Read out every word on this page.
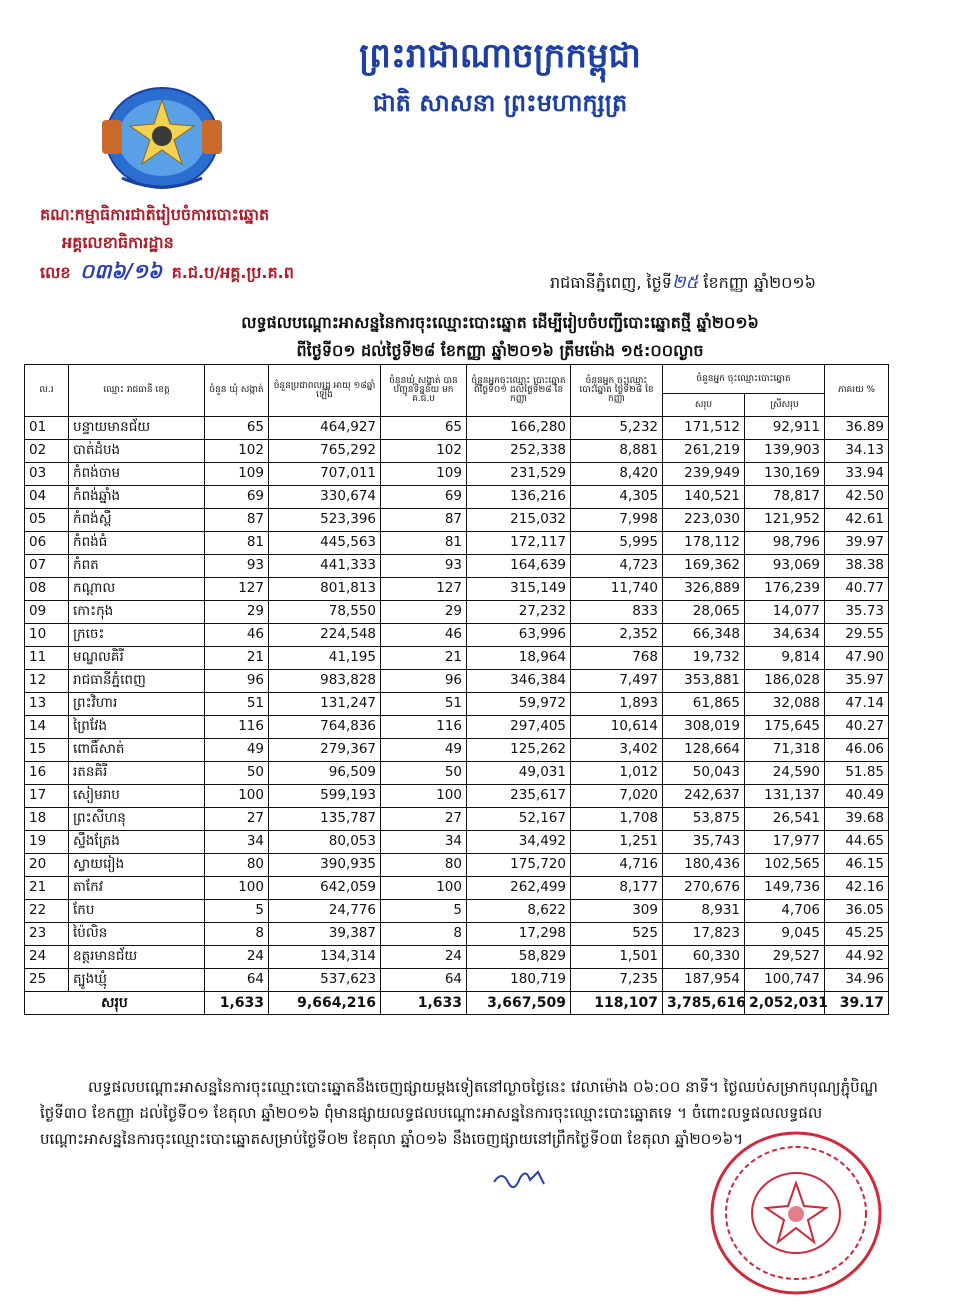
ព្រះរាជាណាចក្រកម្ពុជា
ជាតិ សាសនា ព្រះមហាក្សត្រ
គណៈកម្មាធិការជាតិរៀបចំការបោះឆ្នោត
អគ្គលេខាធិការដ្ឋាន
លេខ ០៣៦/១៦ គ.ជ.ប/អគ្គ.ប្រ.គ.ព
រាជធានីភ្នំពេញ, ថ្ងៃទី២៥ ខែកញ្ញា ឆ្នាំ២០១៦
លទ្ធផលបណ្ដោះអាសន្ននៃការចុះឈ្មោះបោះឆ្នោត ដើម្បីរៀបចំបញ្ជីបោះឆ្នោតថ្មី ឆ្នាំ២០១៦
ពីថ្ងៃទី០១ ដល់ថ្ងៃទី២៨ ខែកញ្ញា ឆ្នាំ២០១៦ ត្រឹមម៉ោង ១៥:០០ល្ងាច
ល.រ	ឈ្មោះ រាជធានី ខេត្ត	ចំនួន ឃុំ សង្កាត់	ចំនួនប្រជាពលរដ្ឋ អាយុ ១៨ឆ្នាំឡើង	ចំនួនឃុំ សង្កាត់ បានបញ្ជូនទិន្នន័យ មក គ.ជ.ប	ចំនួនអ្នកចុះឈ្មោះ បោះឆ្នោត ពីថ្ងៃទី០១ ដល់ថ្ងៃទី២៨ ខែកញ្ញា	ចំនួនអ្នក ចុះឈ្មោះបោះឆ្នោត ថ្ងៃទី២៨ ខែកញ្ញា	ចំនួនអ្នក ចុះឈ្មោះបោះឆ្នោត		ភាគរយ %
							សរុប	ស្រីសរុប	
01	បន្ទាយមានជ័យ	65	464,927	65	166,280	5,232	171,512	92,911	36.89
02	បាត់ដំបង	102	765,292	102	252,338	8,881	261,219	139,903	34.13
03	កំពង់ចាម	109	707,011	109	231,529	8,420	239,949	130,169	33.94
04	កំពង់ឆ្នាំង	69	330,674	69	136,216	4,305	140,521	78,817	42.50
05	កំពង់ស្ពឺ	87	523,396	87	215,032	7,998	223,030	121,952	42.61
06	កំពង់ធំ	81	445,563	81	172,117	5,995	178,112	98,796	39.97
07	កំពត	93	441,333	93	164,639	4,723	169,362	93,069	38.38
08	កណ្ដាល	127	801,813	127	315,149	11,740	326,889	176,239	40.77
09	កោះកុង	29	78,550	29	27,232	833	28,065	14,077	35.73
10	ក្រចេះ	46	224,548	46	63,996	2,352	66,348	34,634	29.55
11	មណ្ឌលគិរី	21	41,195	21	18,964	768	19,732	9,814	47.90
12	រាជធានីភ្នំពេញ	96	983,828	96	346,384	7,497	353,881	186,028	35.97
13	ព្រះវិហារ	51	131,247	51	59,972	1,893	61,865	32,088	47.14
14	ព្រៃវែង	116	764,836	116	297,405	10,614	308,019	175,645	40.27
15	ពោធិ៍សាត់	49	279,367	49	125,262	3,402	128,664	71,318	46.06
16	រតនគិរី	50	96,509	50	49,031	1,012	50,043	24,590	51.85
17	សៀមរាប	100	599,193	100	235,617	7,020	242,637	131,137	40.49
18	ព្រះសីហនុ	27	135,787	27	52,167	1,708	53,875	26,541	39.68
19	ស្ទឹងត្រែង	34	80,053	34	34,492	1,251	35,743	17,977	44.65
20	ស្វាយរៀង	80	390,935	80	175,720	4,716	180,436	102,565	46.15
21	តាកែវ	100	642,059	100	262,499	8,177	270,676	149,736	42.16
22	កែប	5	24,776	5	8,622	309	8,931	4,706	36.05
23	ប៉ៃលិន	8	39,387	8	17,298	525	17,823	9,045	45.25
24	ឧត្ដរមានជ័យ	24	134,314	24	58,829	1,501	60,330	29,527	44.92
25	ត្បូងឃ្មុំ	64	537,623	64	180,719	7,235	187,954	100,747	34.96
សរុប		1,633	9,664,216	1,633	3,667,509	118,107	3,785,616	2,052,031	39.17
លទ្ធផលបណ្ដោះអាសន្ននៃការចុះឈ្មោះបោះឆ្នោតនឹងចេញផ្សាយម្ដងទៀតនៅល្ងាចថ្ងៃនេះ វេលាម៉ោង ០៦:០០ នាទី។ ថ្ងៃឈប់សម្រាកបុណ្យភ្ជុំបិណ្ឌ ថ្ងៃទី៣០ ខែកញ្ញា ដល់ថ្ងៃទី០១ ខែតុលា ឆ្នាំ២០១៦ ពុំមានផ្សាយលទ្ធផលបណ្ដោះអាសន្ននៃការចុះឈ្មោះបោះឆ្នោតទេ ។ ចំពោះលទ្ធផលលទ្ធផលបណ្ដោះអាសន្ននៃការចុះឈ្មោះបោះឆ្នោតសម្រាប់ថ្ងៃទី០២ ខែតុលា ឆ្នាំ០១៦ នឹងចេញផ្សាយនៅព្រឹកថ្ងៃទី០៣ ខែតុលា ឆ្នាំ២០១៦។
